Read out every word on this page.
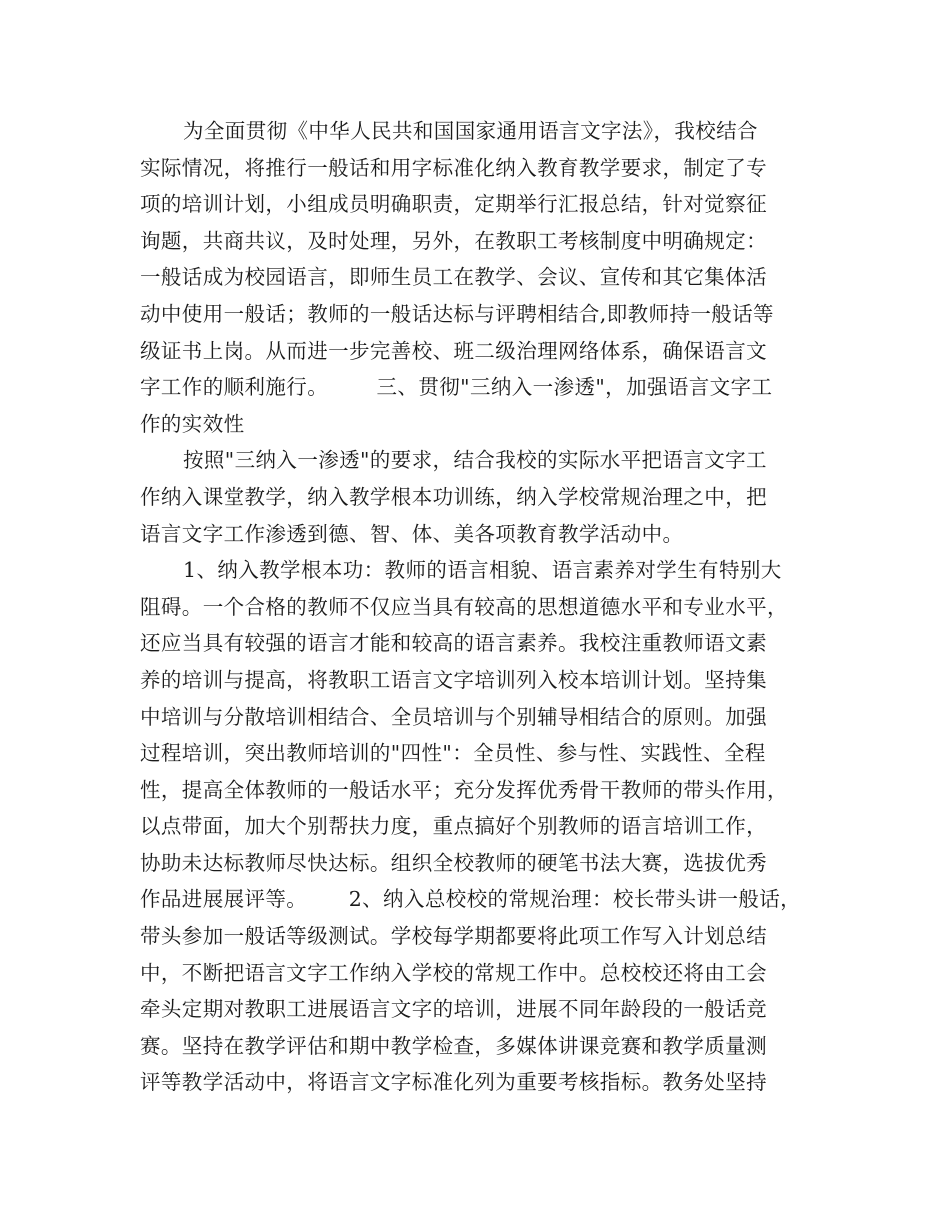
为全面贯彻《中华人民共和国国家通用语言文字法》，我校结合
实际情况，将推行一般话和用字标准化纳入教育教学要求，制定了专
项的培训计划，小组成员明确职责，定期举行汇报总结，针对觉察征
询题，共商共议，及时处理，另外，在教职工考核制度中明确规定：
一般话成为校园语言，即师生员工在教学、会议、宣传和其它集体活
动中使用一般话；教师的一般话达标与评聘相结合,即教师持一般话等
级证书上岗。从而进一步完善校、班二级治理网络体系，确保语言文
字工作的顺利施行。       三、贯彻"三纳入一渗透"，加强语言文字工
作的实效性
按照"三纳入一渗透"的要求，结合我校的实际水平把语言文字工
作纳入课堂教学，纳入教学根本功训练，纳入学校常规治理之中，把
语言文字工作渗透到德、智、体、美各项教育教学活动中。
1、纳入教学根本功：教师的语言相貌、语言素养对学生有特别大
阻碍。一个合格的教师不仅应当具有较高的思想道德水平和专业水平，
还应当具有较强的语言才能和较高的语言素养。我校注重教师语文素
养的培训与提高，将教职工语言文字培训列入校本培训计划。坚持集
中培训与分散培训相结合、全员培训与个别辅导相结合的原则。加强
过程培训，突出教师培训的"四性"：全员性、参与性、实践性、全程
性，提高全体教师的一般话水平；充分发挥优秀骨干教师的带头作用，
以点带面，加大个别帮扶力度，重点搞好个别教师的语言培训工作，
协助未达标教师尽快达标。组织全校教师的硬笔书法大赛，选拔优秀
作品进展展评等。      2、纳入总校校的常规治理：校长带头讲一般话，
带头参加一般话等级测试。学校每学期都要将此项工作写入计划总结
中，不断把语言文字工作纳入学校的常规工作中。总校校还将由工会
牵头定期对教职工进展语言文字的培训，进展不同年龄段的一般话竞
赛。坚持在教学评估和期中教学检查，多媒体讲课竞赛和教学质量测
评等教学活动中，将语言文字标准化列为重要考核指标。教务处坚持
